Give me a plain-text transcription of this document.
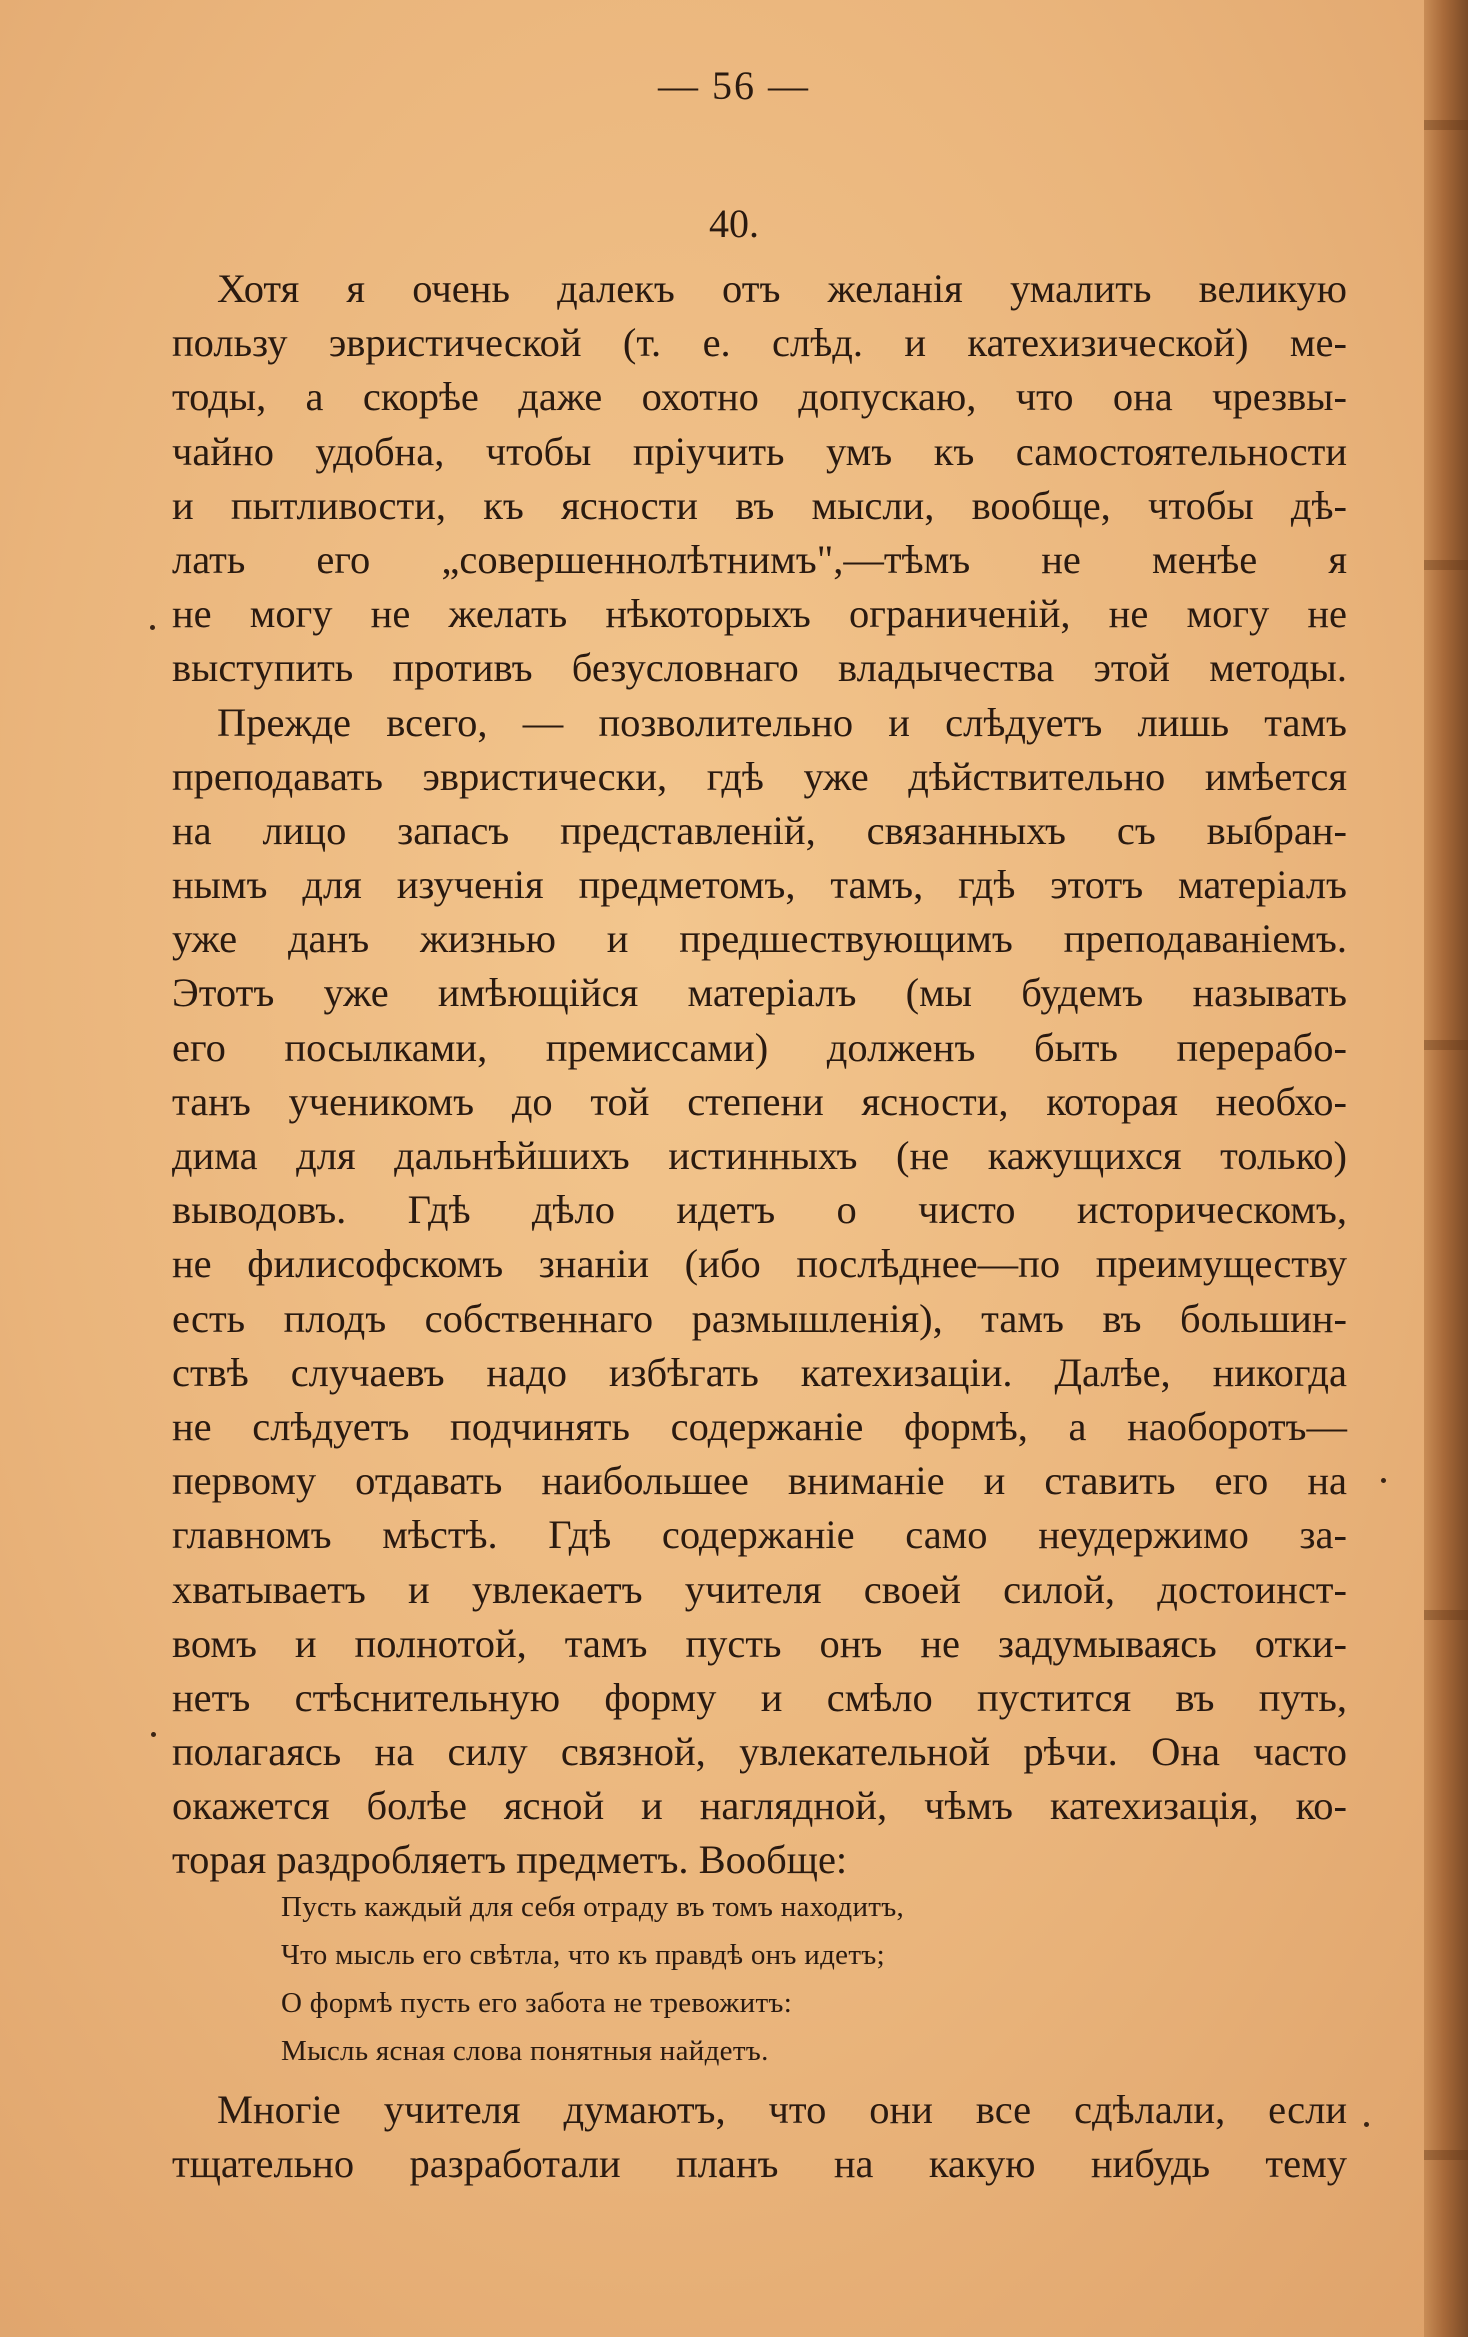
— 56 —
40.
Хотя я очень далекъ отъ желанія умалить великую
пользу эвристической (т. е. слѣд. и катехизической) ме-
тоды, а скорѣе даже охотно допускаю, что она чрезвы-
чайно удобна, чтобы пріучить умъ къ самостоятельности
и пытливости, къ ясности въ мысли, вообще, чтобы дѣ-
лать его „совершеннолѣтнимъ",—тѣмъ не менѣе я
не могу не желать нѣкоторыхъ ограниченій, не могу не
выступить противъ безусловнаго владычества этой методы.
Прежде всего, — позволительно и слѣдуетъ лишь тамъ
преподавать эвристически, гдѣ уже дѣйствительно имѣется
на лицо запасъ представленій, связанныхъ съ выбран-
нымъ для изученія предметомъ, тамъ, гдѣ этотъ матеріалъ
уже данъ жизнью и предшествующимъ преподаваніемъ.
Этотъ уже имѣющійся матеріалъ (мы будемъ называть
его посылками, премиссами) долженъ быть перерабо-
танъ ученикомъ до той степени ясности, которая необхо-
дима для дальнѣйшихъ истинныхъ (не кажущихся только)
выводовъ. Гдѣ дѣло идетъ о чисто историческомъ,
не филисофскомъ знаніи (ибо послѣднее—по преимуществу
есть плодъ собственнаго размышленія), тамъ въ большин-
ствѣ случаевъ надо избѣгать катехизаціи. Далѣе, никогда
не слѣдуетъ подчинять содержаніе формѣ, а наоборотъ—
первому отдавать наибольшее вниманіе и ставить его на
главномъ мѣстѣ. Гдѣ содержаніе само неудержимо за-
хватываетъ и увлекаетъ учителя своей силой, достоинст-
вомъ и полнотой, тамъ пусть онъ не задумываясь отки-
нетъ стѣснительную форму и смѣло пустится въ путь,
полагаясь на силу связной, увлекательной рѣчи. Она часто
окажется болѣе ясной и наглядной, чѣмъ катехизація, ко-
торая раздробляетъ предметъ. Вообще:
Пусть каждый для себя отраду въ томъ находитъ,
Что мысль его свѣтла, что къ правдѣ онъ идетъ;
О формѣ пусть его забота не тревожитъ:
Мысль ясная слова понятныя найдетъ.
Многіе учителя думаютъ, что они все сдѣлали, если
тщательно разработали планъ на какую нибудь тему
